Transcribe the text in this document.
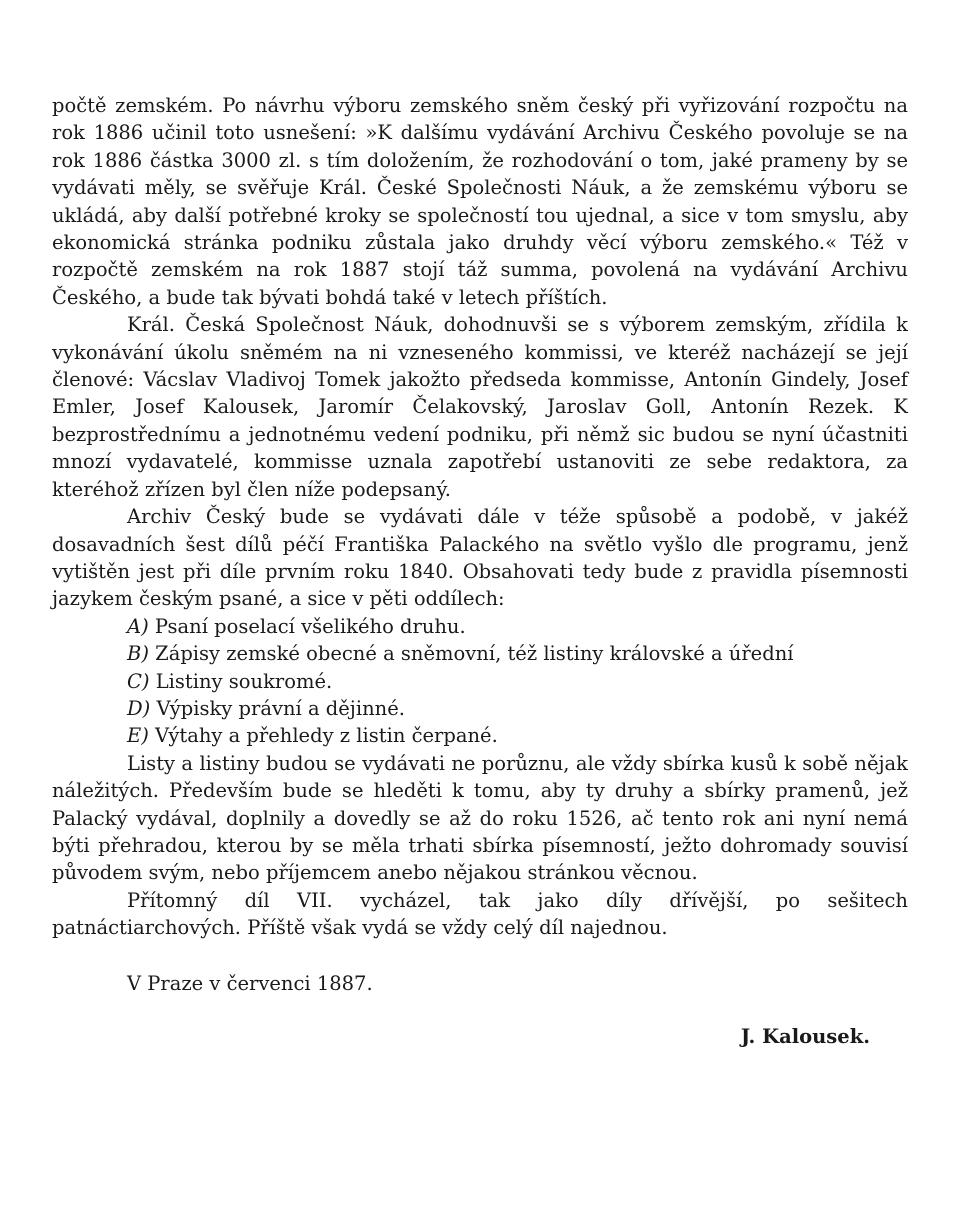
počtě zemském. Po návrhu výboru zemského sněm český při vyřizování rozpočtu na rok 1886 učinil toto usnešení: »K dalšímu vydávání Archivu Českého povoluje se na rok 1886 částka 3000 zl. s tím doložením, že rozhodování o tom, jaké prameny by se vydávati měly, se svěřuje Král. České Společnosti Náuk, a že zemskému výboru se ukládá, aby další potřebné kroky se společností tou ujednal, a sice v tom smyslu, aby ekonomická stránka podniku zůstala jako druhdy věcí výboru zemského.« Též v rozpočtě zemském na rok 1887 stojí táž summa, povolená na vydávání Archivu Českého, a bude tak bývati bohdá také v letech příštích.

Král. Česká Společnost Náuk, dohodnuvši se s výborem zemským, zřídila k vykonávání úkolu sněmém na ni vzneseného kommissi, ve kteréž nacházejí se její členové: Vácslav Vladivoj Tomek jakožto předseda kommisse, Antonín Gindely, Josef Emler, Josef Kalousek, Jaromír Čelakovský, Jaroslav Goll, Antonín Rezek. K bezprostřednímu a jednotnému vedení podniku, při němž sic budou se nyní účastniti mnozí vydavatelé, kommisse uznala zapotřebí ustanoviti ze sebe redaktora, za kteréhož zřízen byl člen níže podepsaný.

Archiv Český bude se vydávati dále v téže spůsobě a podobě, v jakéž dosavadních šest dílů péčí Františka Palackého na světlo vyšlo dle programu, jenž vytištěn jest při díle prvním roku 1840. Obsahovati tedy bude z pravidla písemnosti jazykem českým psané, a sice v pěti oddílech:

A) Psaní poselací všelikého druhu.
B) Zápisy zemské obecné a sněmovní, též listiny královské a úřední
C) Listiny soukromé.
D) Výpisky právní a dějinné.
E) Výtahy a přehledy z listin čerpané.

Listy a listiny budou se vydávati ne porůznu, ale vždy sbírka kusů k sobě nějak náležitých. Především bude se hleděti k tomu, aby ty druhy a sbírky pramenů, jež Palacký vydával, doplnily a dovedly se až do roku 1526, ač tento rok ani nyní nemá býti přehradou, kterou by se měla trhati sbírka písemností, ježto dohromady souvisí původem svým, nebo příjemcem anebo nějakou stránkou věcnou.

Přítomný díl VII. vycházel, tak jako díly dřívější, po sešitech patnáctiarchových. Příště však vydá se vždy celý díl najednou.

V Praze v červenci 1887.

J. Kalousek.
